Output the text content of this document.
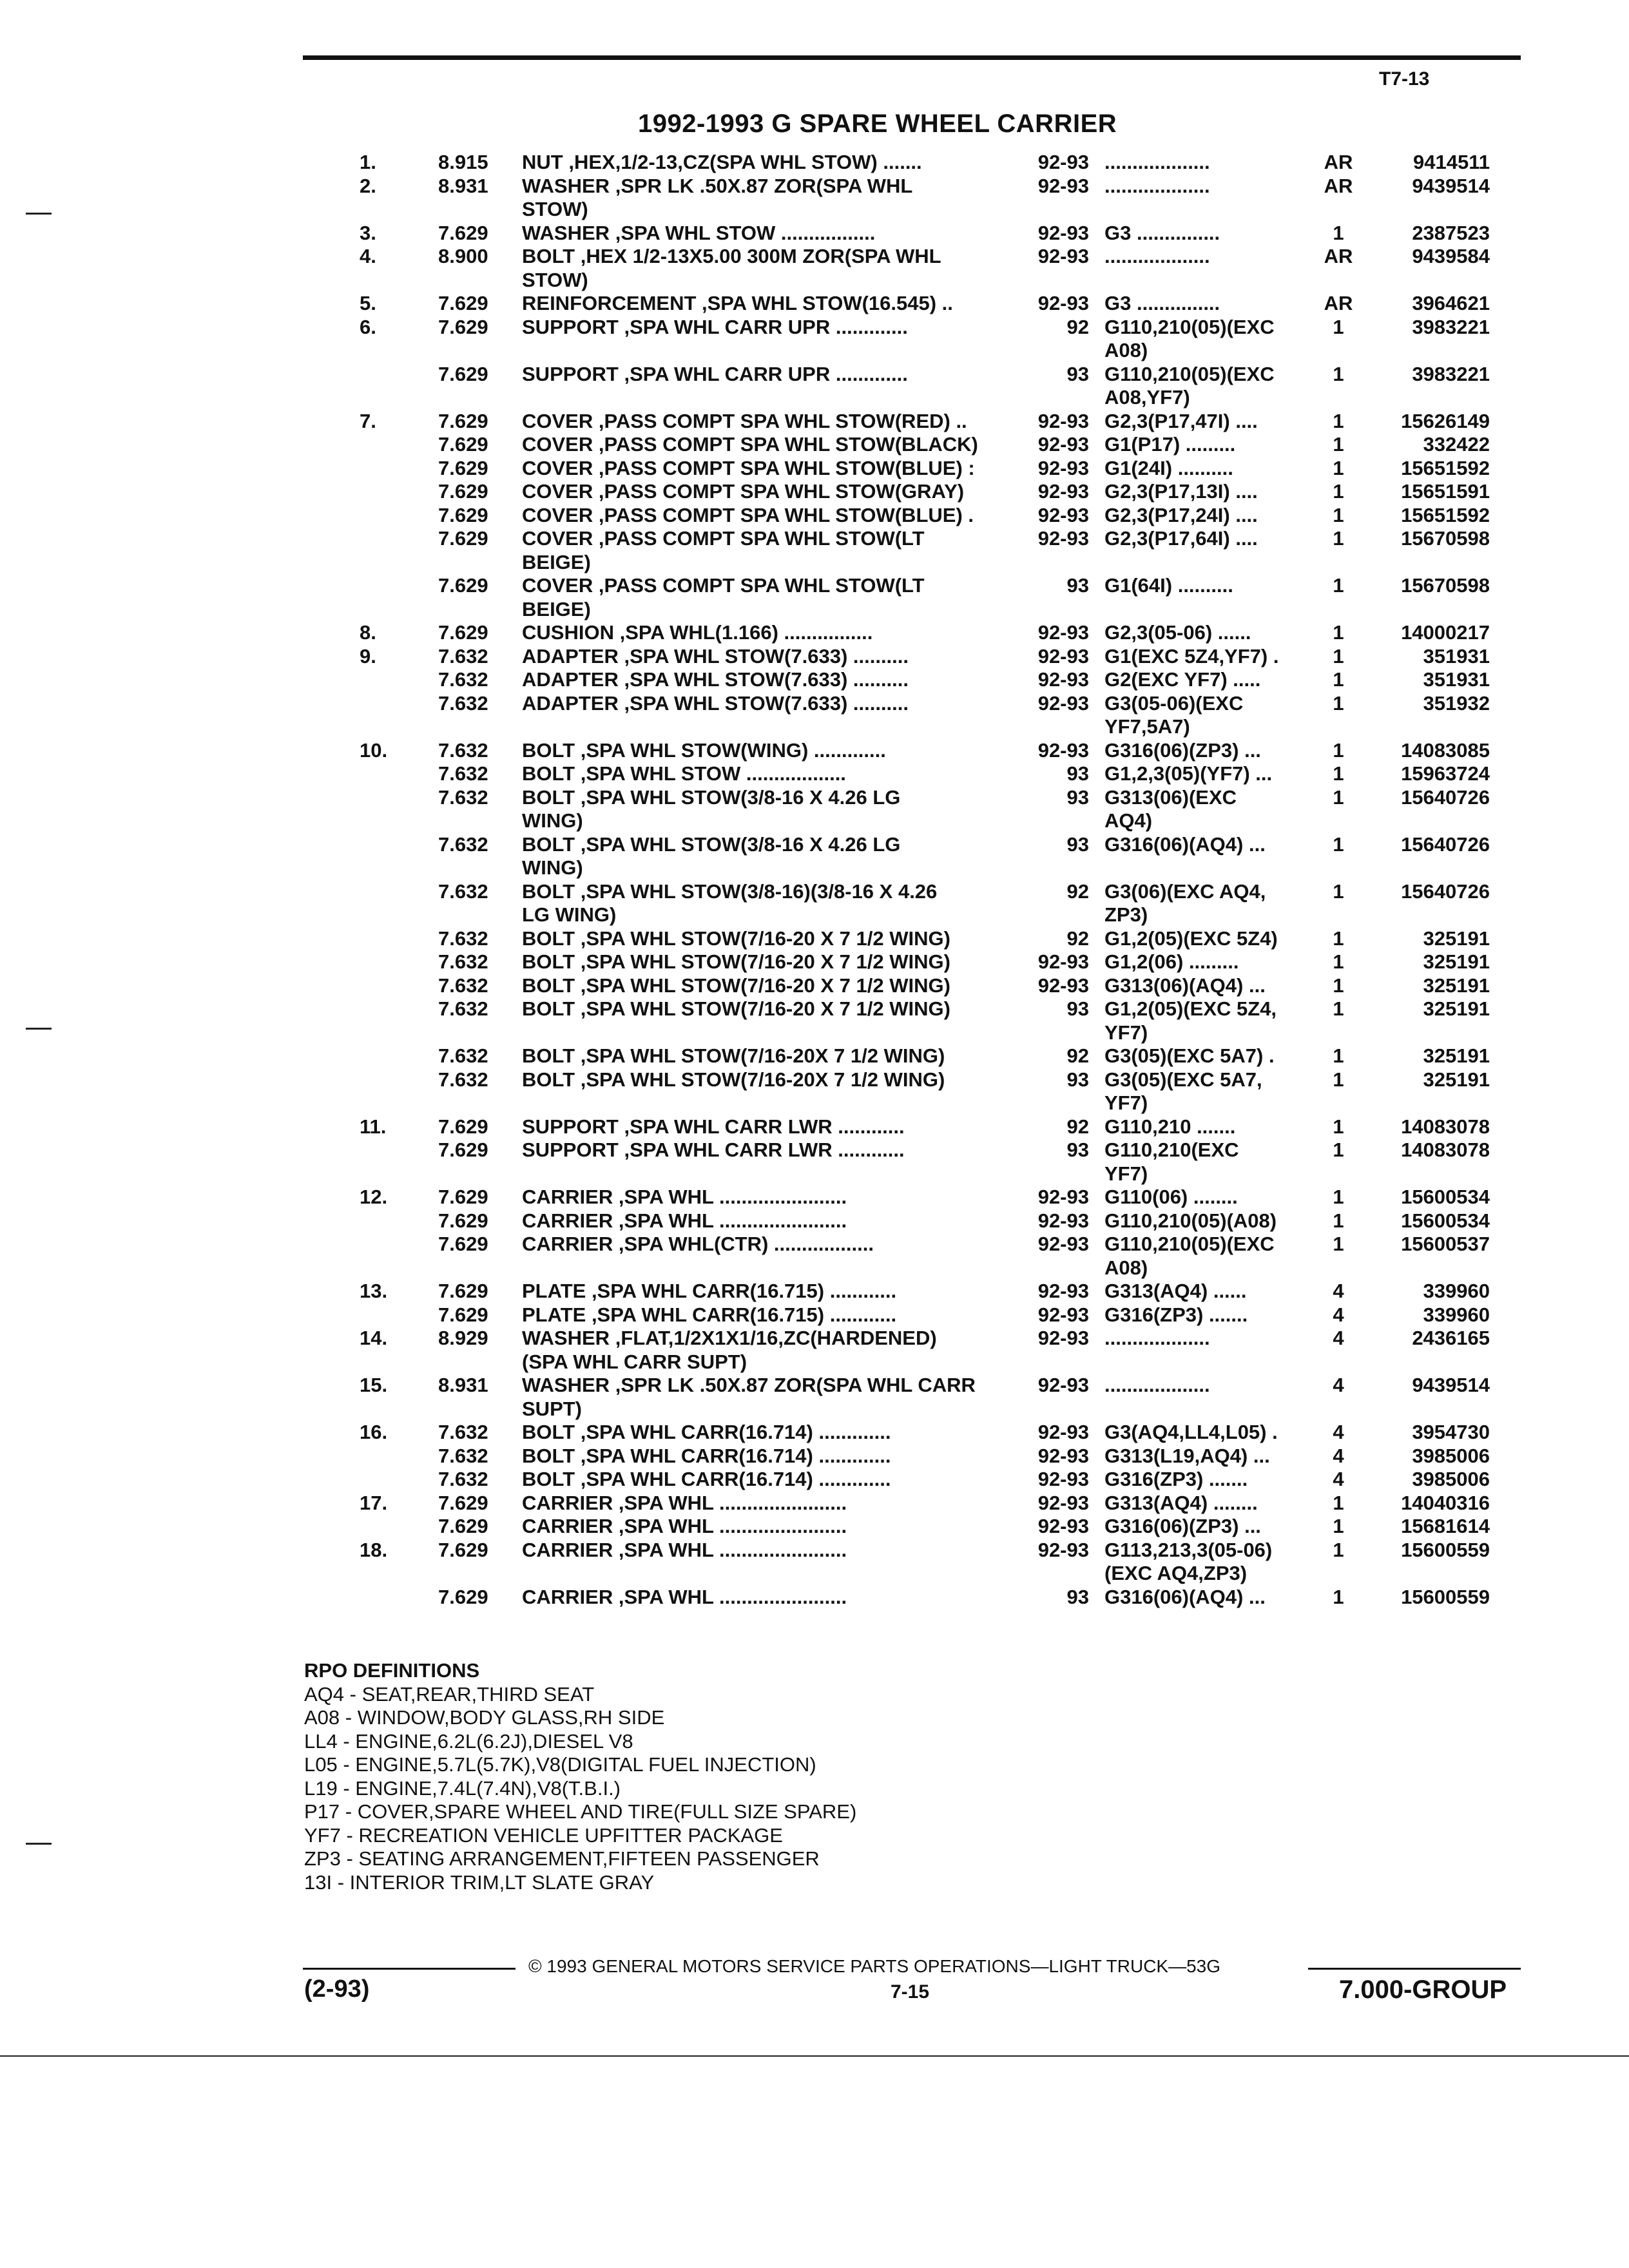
T7-13
1992-1993 G SPARE WHEEL CARRIER
1.	8.915	NUT ,HEX,1/2-13,CZ(SPA WHL STOW) .......	92-93 ...................	AR	9414511
2.	8.931	WASHER ,SPR LK .50X.87 ZOR(SPA WHL	92-93 ...................	AR	9439514
STOW)
3.	7.629	WASHER ,SPA WHL STOW .................	92-93 G3 ...............	1	2387523
4.	8.900	BOLT ,HEX 1/2-13X5.00 300M ZOR(SPA WHL	92-93 ...................	AR	9439584
STOW)
5.	7.629	REINFORCEMENT ,SPA WHL STOW(16.545) ..	92-93 G3 ...............	AR	3964621
6.	7.629	SUPPORT ,SPA WHL CARR UPR .............	92 G110,210(05)(EXC	1	3983221
A08)
7.629	SUPPORT ,SPA WHL CARR UPR .............	93 G110,210(05)(EXC	1	3983221
A08,YF7)
7.	7.629	COVER ,PASS COMPT SPA WHL STOW(RED) ..	92-93 G2,3(P17,47I) ....	1	15626149
7.629	COVER ,PASS COMPT SPA WHL STOW(BLACK)	92-93 G1(P17) .........	1	332422
7.629	COVER ,PASS COMPT SPA WHL STOW(BLUE) :	92-93 G1(24I) ..........	1	15651592
7.629	COVER ,PASS COMPT SPA WHL STOW(GRAY)	92-93 G2,3(P17,13I) ....	1	15651591
7.629	COVER ,PASS COMPT SPA WHL STOW(BLUE) .	92-93 G2,3(P17,24I) ....	1	15651592
7.629	COVER ,PASS COMPT SPA WHL STOW(LT	92-93 G2,3(P17,64I) ....	1	15670598
BEIGE)
7.629	COVER ,PASS COMPT SPA WHL STOW(LT	93 G1(64I) ..........	1	15670598
BEIGE)
8.	7.629	CUSHION ,SPA WHL(1.166) ................	92-93 G2,3(05-06) ......	1	14000217
9.	7.632	ADAPTER ,SPA WHL STOW(7.633) ..........	92-93 G1(EXC 5Z4,YF7) .	1	351931
7.632	ADAPTER ,SPA WHL STOW(7.633) ..........	92-93 G2(EXC YF7) .....	1	351931
7.632	ADAPTER ,SPA WHL STOW(7.633) ..........	92-93 G3(05-06)(EXC	1	351932
YF7,5A7)
10.	7.632	BOLT ,SPA WHL STOW(WING) .............	92-93 G316(06)(ZP3) ...	1	14083085
7.632	BOLT ,SPA WHL STOW ..................	93 G1,2,3(05)(YF7) ...	1	15963724
7.632	BOLT ,SPA WHL STOW(3/8-16 X 4.26 LG	93 G313(06)(EXC	1	15640726
WING)	AQ4)
7.632	BOLT ,SPA WHL STOW(3/8-16 X 4.26 LG	93 G316(06)(AQ4) ...	1	15640726
WING)
7.632	BOLT ,SPA WHL STOW(3/8-16)(3/8-16 X 4.26	92 G3(06)(EXC AQ4,	1	15640726
LG WING)	ZP3)
7.632	BOLT ,SPA WHL STOW(7/16-20 X 7 1/2 WING)	92 G1,2(05)(EXC 5Z4)	1	325191
7.632	BOLT ,SPA WHL STOW(7/16-20 X 7 1/2 WING)	92-93 G1,2(06) .........	1	325191
7.632	BOLT ,SPA WHL STOW(7/16-20 X 7 1/2 WING)	92-93 G313(06)(AQ4) ...	1	325191
7.632	BOLT ,SPA WHL STOW(7/16-20 X 7 1/2 WING)	93 G1,2(05)(EXC 5Z4,	1	325191
YF7)
7.632	BOLT ,SPA WHL STOW(7/16-20X 7 1/2 WING)	92 G3(05)(EXC 5A7) .	1	325191
7.632	BOLT ,SPA WHL STOW(7/16-20X 7 1/2 WING)	93 G3(05)(EXC 5A7,	1	325191
YF7)
11.	7.629	SUPPORT ,SPA WHL CARR LWR ............	92 G110,210 .......	1	14083078
7.629	SUPPORT ,SPA WHL CARR LWR ............	93 G110,210(EXC	1	14083078
YF7)
12.	7.629	CARRIER ,SPA WHL .......................	92-93 G110(06) ........	1	15600534
7.629	CARRIER ,SPA WHL .......................	92-93 G110,210(05)(A08)	1	15600534
7.629	CARRIER ,SPA WHL(CTR) ..................	92-93 G110,210(05)(EXC	1	15600537
A08)
13.	7.629	PLATE ,SPA WHL CARR(16.715) ............	92-93 G313(AQ4) ......	4	339960
7.629	PLATE ,SPA WHL CARR(16.715) ............	92-93 G316(ZP3) .......	4	339960
14.	8.929	WASHER ,FLAT,1/2X1X1/16,ZC(HARDENED)	92-93 ...................	4	2436165
(SPA WHL CARR SUPT)
15.	8.931	WASHER ,SPR LK .50X.87 ZOR(SPA WHL CARR	92-93 ...................	4	9439514
SUPT)
16.	7.632	BOLT ,SPA WHL CARR(16.714) .............	92-93 G3(AQ4,LL4,L05) .	4	3954730
7.632	BOLT ,SPA WHL CARR(16.714) .............	92-93 G313(L19,AQ4) ...	4	3985006
7.632	BOLT ,SPA WHL CARR(16.714) .............	92-93 G316(ZP3) .......	4	3985006
17.	7.629	CARRIER ,SPA WHL .......................	92-93 G313(AQ4) ........	1	14040316
7.629	CARRIER ,SPA WHL .......................	92-93 G316(06)(ZP3) ...	1	15681614
18.	7.629	CARRIER ,SPA WHL .......................	92-93 G113,213,3(05-06)	1	15600559
(EXC AQ4,ZP3)
7.629	CARRIER ,SPA WHL .......................	93 G316(06)(AQ4) ...	1	15600559
RPO DEFINITIONS
AQ4 - SEAT,REAR,THIRD SEAT
A08 - WINDOW,BODY GLASS,RH SIDE
LL4 - ENGINE,6.2L(6.2J),DIESEL V8
L05 - ENGINE,5.7L(5.7K),V8(DIGITAL FUEL INJECTION)
L19 - ENGINE,7.4L(7.4N),V8(T.B.I.)
P17 - COVER,SPARE WHEEL AND TIRE(FULL SIZE SPARE)
YF7 - RECREATION VEHICLE UPFITTER PACKAGE
ZP3 - SEATING ARRANGEMENT,FIFTEEN PASSENGER
13I - INTERIOR TRIM,LT SLATE GRAY
© 1993 GENERAL MOTORS SERVICE PARTS OPERATIONS—LIGHT TRUCK—53G
(2-93)	7-15	7.000-GROUP
